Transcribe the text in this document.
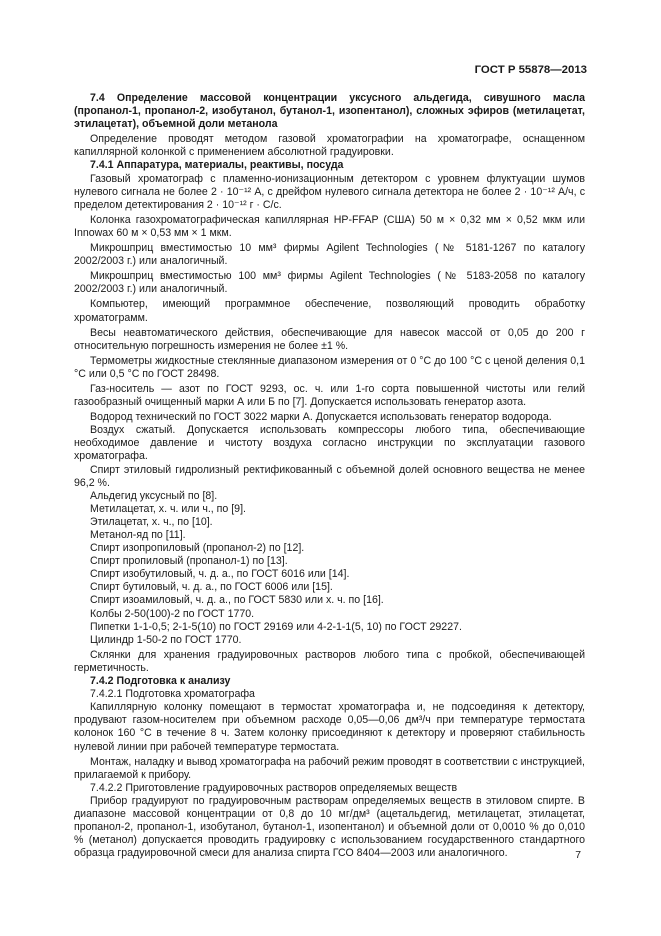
ГОСТ Р 55878—2013

7.4 Определение массовой концентрации уксусного альдегида, сивушного масла (пропанол-1, пропанол-2, изобутанол, бутанол-1, изопентанол), сложных эфиров (метилацетат, этилацетат), объемной доли метанола

Определение проводят методом газовой хроматографии на хроматографе, оснащенном капиллярной колонкой с применением абсолютной градуировки.

7.4.1 Аппаратура, материалы, реактивы, посуда

Газовый хроматограф с пламенно-ионизационным детектором с уровнем флуктуации шумов нулевого сигнала не более 2 · 10⁻¹² А, с дрейфом нулевого сигнала детектора не более 2 · 10⁻¹² А/ч, с пределом детектирования 2 · 10⁻¹² г · С/с.

Колонка газохроматографическая капиллярная HP-FFAP (США) 50 м × 0,32 мм × 0,52 мкм или Innowax 60 м × 0,53 мм × 1 мкм.

Микрошприц вместимостью 10 мм³ фирмы Agilent Technologies (№ 5181-1267 по каталогу 2002/2003 г.) или аналогичный.

Микрошприц вместимостью 100 мм³ фирмы Agilent Technologies (№ 5183-2058 по каталогу 2002/2003 г.) или аналогичный.

Компьютер, имеющий программное обеспечение, позволяющий проводить обработку хроматограмм.

Весы неавтоматического действия, обеспечивающие для навесок массой от 0,05 до 200 г относительную погрешность измерения не более ±1 %.

Термометры жидкостные стеклянные диапазоном измерения от 0 °С до 100 °С с ценой деления 0,1 °С или 0,5 °С по ГОСТ 28498.

Газ-носитель — азот по ГОСТ 9293, ос. ч. или 1-го сорта повышенной чистоты или гелий газообразный очищенный марки А или Б по [7]. Допускается использовать генератор азота.

Водород технический по ГОСТ 3022 марки А. Допускается использовать генератор водорода.

Воздух сжатый. Допускается использовать компрессоры любого типа, обеспечивающие необходимое давление и чистоту воздуха согласно инструкции по эксплуатации газового хроматографа.

Спирт этиловый гидролизный ректификованный с объемной долей основного вещества не менее 96,2 %.

Альдегид уксусный по [8].

Метилацетат, х. ч. или ч., по [9].

Этилацетат, х. ч., по [10].

Метанол-яд по [11].

Спирт изопропиловый (пропанол-2) по [12].

Спирт пропиловый (пропанол-1) по [13].

Спирт изобутиловый, ч. д. а., по ГОСТ 6016 или [14].

Спирт бутиловый, ч. д. а., по ГОСТ 6006 или [15].

Спирт изоамиловый, ч. д. а., по ГОСТ 5830 или х. ч. по [16].

Колбы 2-50(100)-2 по ГОСТ 1770.

Пипетки 1-1-0,5; 2-1-5(10) по ГОСТ 29169 или 4-2-1-1(5, 10) по ГОСТ 29227.

Цилиндр 1-50-2 по ГОСТ 1770.

Склянки для хранения градуировочных растворов любого типа с пробкой, обеспечивающей герметичность.

7.4.2 Подготовка к анализу

7.4.2.1 Подготовка хроматографа

Капиллярную колонку помещают в термостат хроматографа и, не подсоединяя к детектору, продувают газом-носителем при объемном расходе 0,05—0,06 дм³/ч при температуре термостата колонок 160 °С в течение 8 ч. Затем колонку присоединяют к детектору и проверяют стабильность нулевой линии при рабочей температуре термостата.

Монтаж, наладку и вывод хроматографа на рабочий режим проводят в соответствии с инструкцией, прилагаемой к прибору.

7.4.2.2 Приготовление градуировочных растворов определяемых веществ

Прибор градуируют по градуировочным растворам определяемых веществ в этиловом спирте. В диапазоне массовой концентрации от 0,8 до 10 мг/дм³ (ацетальдегид, метилацетат, этилацетат, пропанол-2, пропанол-1, изобутанол, бутанол-1, изопентанол) и объемной доли от 0,0010 % до 0,010 % (метанол) допускается проводить градуировку с использованием государственного стандартного образца градуировочной смеси для анализа спирта ГСО 8404—2003 или аналогичного.	7
